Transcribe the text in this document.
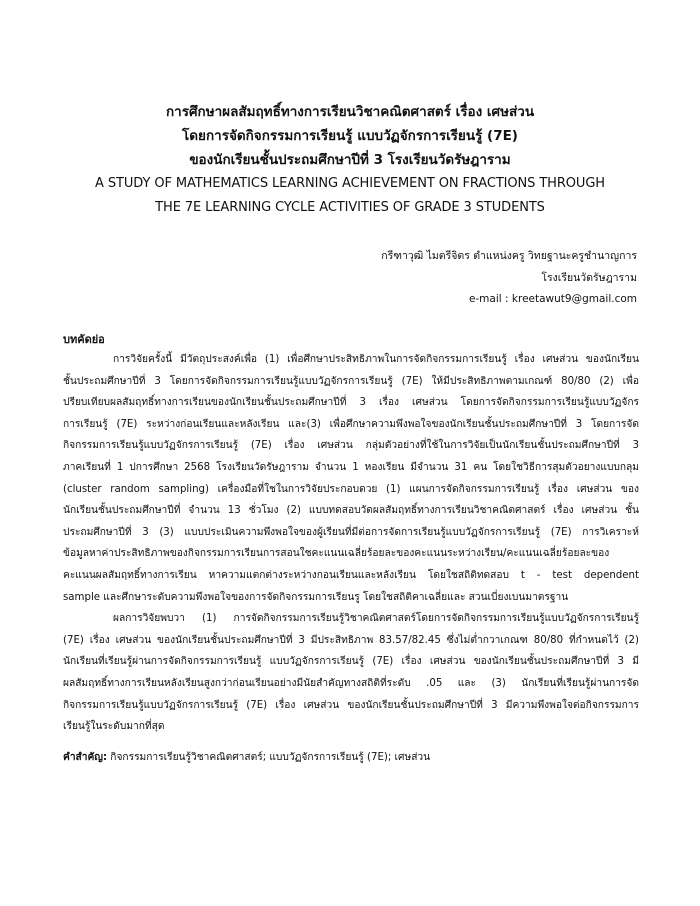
การศึกษาผลสัมฤทธิ์ทางการเรียนวิชาคณิตศาสตร์ เรื่อง เศษส่วน

โดยการจัดกิจกรรมการเรียนรู้ แบบวัฏจักรการเรียนรู้ (7E)

ของนักเรียนชั้นประถมศึกษาปีที่ 3 โรงเรียนวัดรัษฎาราม

A STUDY OF MATHEMATICS LEARNING ACHIEVEMENT ON FRACTIONS THROUGH

THE 7E LEARNING CYCLE ACTIVITIES OF GRADE 3 STUDENTS

กรีฑาวุฒิ ไมตรีจิตร ตำแหน่งครู วิทยฐานะครูชำนาญการ
โรงเรียนวัดรัษฎาราม
e-mail : kreetawut9@gmail.com

บทคัดย่อ

การวิจัยครั้งนี้ มีวัตถุประสงค์เพื่อ (1) เพื่อศึกษาประสิทธิภาพในการจัดกิจกรรมการเรียนรู้ เรื่อง เศษส่วน ของนักเรียน
ชั้นประถมศึกษาปีที่ 3 โดยการจัดกิจกรรมการเรียนรู้แบบวัฏจักรการเรียนรู้ (7E) ให้มีประสิทธิภาพตามเกณฑ์ 80/80 (2) เพื่อ
ปรียบเทียบผลสัมฤทธิ์ทางการเรียนของนักเรียนชั้นประถมศึกษาปีที่ 3 เรื่อง เศษส่วน โดยการจัดกิจกรรมการเรียนรู้แบบวัฏจักร
การเรียนรู้ (7E) ระหว่างก่อนเรียนและหลังเรียน และ(3) เพื่อศึกษาความพึงพอใจของนักเรียนชั้นประถมศึกษาปีที่ 3 โดยการจัด
กิจกรรมการเรียนรู้แบบวัฏจักรการเรียนรู้ (7E) เรื่อง เศษส่วน กลุ่มตัวอย่างที่ใช้ในการวิจัยเป็นนักเรียนชั้นประถมศึกษาปีที่ 3
ภาคเรียนที่ 1 ปการศึกษา 2568 โรงเรียนวัดรัษฎาราม จำนวน 1 หองเรียน มีจำนวน 31 คน โดยใชวิธีการสุมตัวอยางแบบกลุม
(cluster random sampling) เครื่องมือที่ใชในการวิจัยประกอบดวย (1) แผนการจัดกิจกรรมการเรียนรู้ เรื่อง เศษส่วน ของ
นักเรียนชั้นประถมศึกษาปีที่ จำนวน 13 ชั่วโมง (2) แบบทดสอบวัดผลสัมฤทธิ์ทางการเรียนวิชาคณิตศาสตร์ เรื่อง เศษส่วน ชั้น
ประถมศึกษาปีที่ 3 (3) แบบประเมินความพึงพอใจของผู้เรียนที่มีต่อการจัดการเรียนรู้แบบวัฏจักรการเรียนรู้ (7E) การวิเคราะห์
ข้อมูลหาค่าประสิทธิภาพของกิจกรรมการเรียนการสอนใชคะแนนเฉลี่ยร้อยละของคะแนนระหว่างเรียน/คะแนนเฉลี่ยร้อยละของ
คะแนนผลสัมฤทธิ์ทางการเรียน หาความแตกต่างระหว่างกอนเรียนและหลังเรียน โดยใชสถิติทดสอบ t - test dependent
sample และศึกษาระดับความพึงพอใจของการจัดกิจกรรมการเรียนรู โดยใชสถิติคาเฉลี่ยและ สวนเบี่ยงเบนมาตรฐาน
ผลการวิจัยพบวา (1) การจัดกิจกรรมการเรียนรู้วิชาคณิตศาสตร์โดยการจัดกิจกรรมการเรียนรู้แบบวัฏจักรการเรียนรู้
(7E) เรื่อง เศษส่วน ของนักเรียนชั้นประถมศึกษาปีที่ 3 มีประสิทธิภาพ 83.57/82.45 ซึ่งไม่ต่ำกวาเกณฑ 80/80 ที่กำหนดไว้ (2)
นักเรียนที่เรียนรู้ผ่านการจัดกิจกรรมการเรียนรู้ แบบวัฏจักรการเรียนรู้ (7E) เรื่อง เศษส่วน ของนักเรียนชั้นประถมศึกษาปีที่ 3 มี
ผลสัมฤทธิ์ทางการเรียนหลังเรียนสูงกว่าก่อนเรียนอย่างมีนัยสำคัญทางสถิติที่ระดับ .05 และ (3) นักเรียนที่เรียนรู้ผ่านการจัด
กิจกรรมการเรียนรู้แบบวัฏจักรการเรียนรู้ (7E) เรื่อง เศษส่วน ของนักเรียนชั้นประถมศึกษาปีที่ 3 มีความพึงพอใจต่อกิจกรรมการ
เรียนรู้ในระดับมากที่สุด
คำสำคัญ: กิจกรรมการเรียนรู้วิชาคณิตศาสตร์; แบบวัฏจักรการเรียนรู้ (7E); เศษส่วน
